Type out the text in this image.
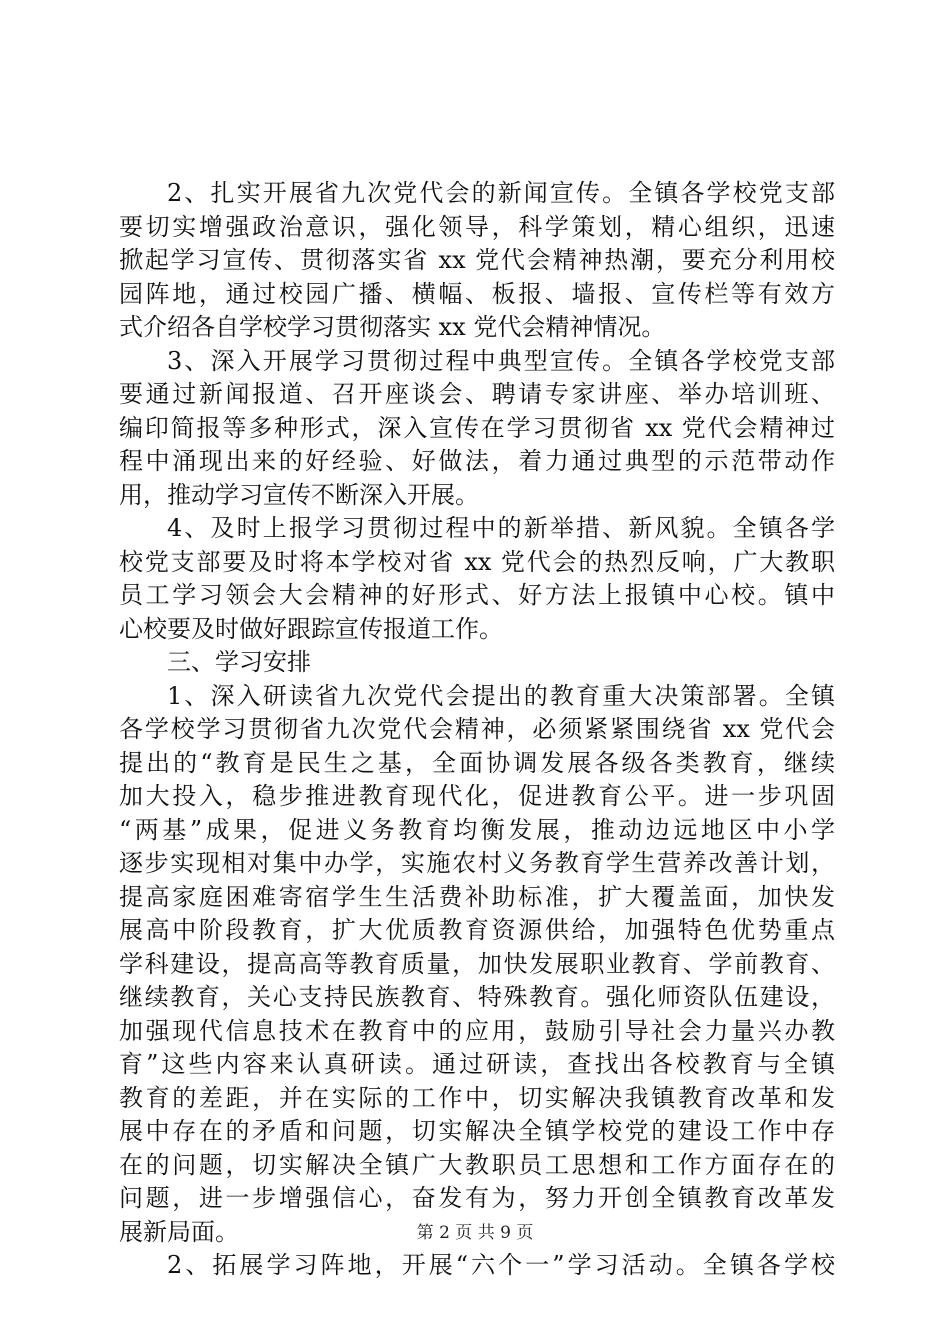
2、扎实开展省九次党代会的新闻宣传。全镇各学校党支部
要切实增强政治意识，强化领导，科学策划，精心组织，迅速
掀起学习宣传、贯彻落实省 xx 党代会精神热潮，要充分利用校
园阵地，通过校园广播、横幅、板报、墙报、宣传栏等有效方
式介绍各自学校学习贯彻落实 xx 党代会精神情况。
3、深入开展学习贯彻过程中典型宣传。全镇各学校党支部
要通过新闻报道、召开座谈会、聘请专家讲座、举办培训班、
编印简报等多种形式，深入宣传在学习贯彻省 xx 党代会精神过
程中涌现出来的好经验、好做法，着力通过典型的示范带动作
用，推动学习宣传不断深入开展。
4、及时上报学习贯彻过程中的新举措、新风貌。全镇各学
校党支部要及时将本学校对省 xx 党代会的热烈反响，广大教职
员工学习领会大会精神的好形式、好方法上报镇中心校。镇中
心校要及时做好跟踪宣传报道工作。
三、学习安排
1、深入研读省九次党代会提出的教育重大决策部署。全镇
各学校学习贯彻省九次党代会精神，必须紧紧围绕省 xx 党代会
提出的“教育是民生之基，全面协调发展各级各类教育，继续
加大投入，稳步推进教育现代化，促进教育公平。进一步巩固
“两基”成果，促进义务教育均衡发展，推动边远地区中小学
逐步实现相对集中办学，实施农村义务教育学生营养改善计划，
提高家庭困难寄宿学生生活费补助标准，扩大覆盖面，加快发
展高中阶段教育，扩大优质教育资源供给，加强特色优势重点
学科建设，提高高等教育质量，加快发展职业教育、学前教育、
继续教育，关心支持民族教育、特殊教育。强化师资队伍建设，
加强现代信息技术在教育中的应用，鼓励引导社会力量兴办教
育”这些内容来认真研读。通过研读，查找出各校教育与全镇
教育的差距，并在实际的工作中，切实解决我镇教育改革和发
展中存在的矛盾和问题，切实解决全镇学校党的建设工作中存
在的问题，切实解决全镇广大教职员工思想和工作方面存在的
问题，进一步增强信心，奋发有为，努力开创全镇教育改革发
展新局面。
2、拓展学习阵地，开展“六个一”学习活动。全镇各学校
第 2 页 共 9 页
